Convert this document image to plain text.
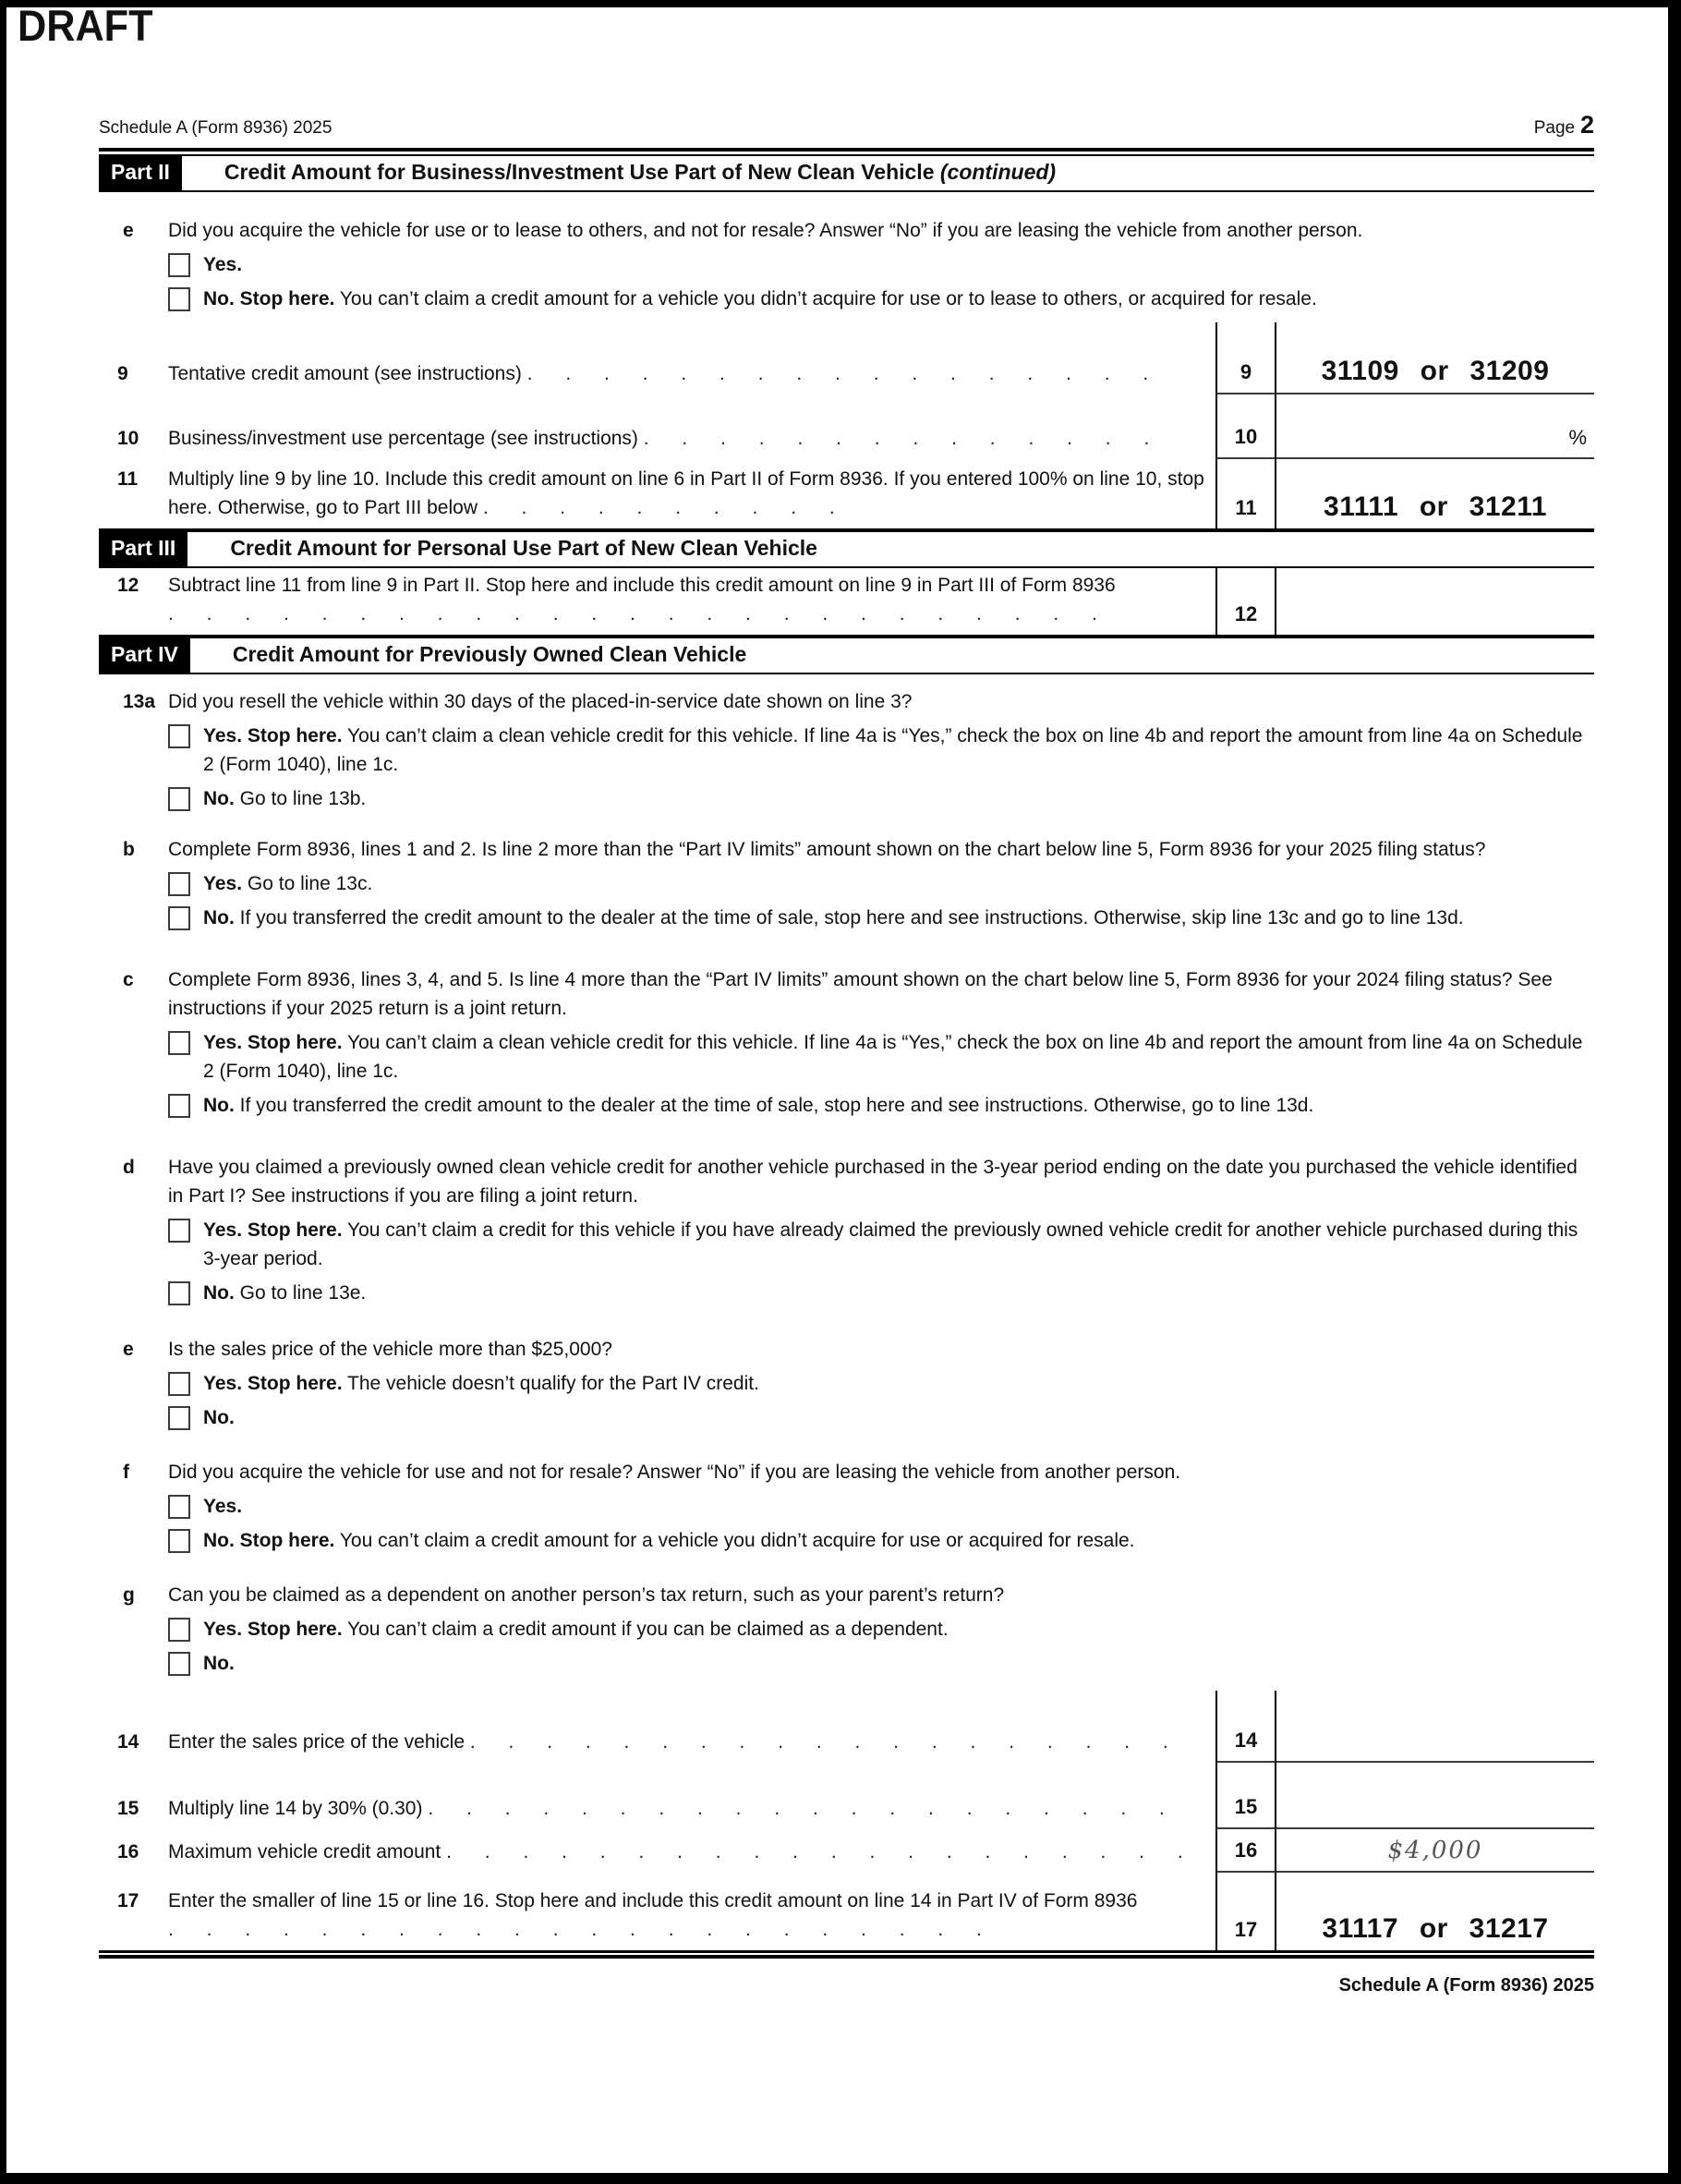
DRAFT
Schedule A (Form 8936) 2025	Page 2
Part II	Credit Amount for Business/Investment Use Part of New Clean Vehicle (continued)
e	Did you acquire the vehicle for use or to lease to others, and not for resale? Answer “No” if you are leasing the vehicle from another person.
Yes.
No. Stop here. You can’t claim a credit amount for a vehicle you didn’t acquire for use or to lease to others, or acquired for resale.
9	Tentative credit amount (see instructions) . . . . . . . . . . . . . . . . .	9	31109 or 31209
10	Business/investment use percentage (see instructions) . . . . . . . . . . . . . .	10	%
11	Multiply line 9 by line 10. Include this credit amount on line 6 in Part II of Form 8936. If you entered 100% on line 10, stop here. Otherwise, go to Part III below . . . . . . . . . .	11	31111 or 31211
Part III	Credit Amount for Personal Use Part of New Clean Vehicle
12	Subtract line 11 from line 9 in Part II. Stop here and include this credit amount on line 9 in Part III of Form 8936 . . . . . . . . . . . . . . . . . . . . . . . . .	12
Part IV	Credit Amount for Previously Owned Clean Vehicle
13a Did you resell the vehicle within 30 days of the placed-in-service date shown on line 3?
Yes. Stop here. You can’t claim a clean vehicle credit for this vehicle. If line 4a is “Yes,” check the box on line 4b and report the amount from line 4a on Schedule 2 (Form 1040), line 1c.
No. Go to line 13b.
b	Complete Form 8936, lines 1 and 2. Is line 2 more than the “Part IV limits” amount shown on the chart below line 5, Form 8936 for your 2025 filing status?
Yes. Go to line 13c.
No. If you transferred the credit amount to the dealer at the time of sale, stop here and see instructions. Otherwise, skip line 13c and go to line 13d.
c	Complete Form 8936, lines 3, 4, and 5. Is line 4 more than the “Part IV limits” amount shown on the chart below line 5, Form 8936 for your 2024 filing status? See instructions if your 2025 return is a joint return.
Yes. Stop here. You can’t claim a clean vehicle credit for this vehicle. If line 4a is “Yes,” check the box on line 4b and report the amount from line 4a on Schedule 2 (Form 1040), line 1c.
No. If you transferred the credit amount to the dealer at the time of sale, stop here and see instructions. Otherwise, go to line 13d.
d	Have you claimed a previously owned clean vehicle credit for another vehicle purchased in the 3-year period ending on the date you purchased the vehicle identified in Part I? See instructions if you are filing a joint return.
Yes. Stop here. You can’t claim a credit for this vehicle if you have already claimed the previously owned vehicle credit for another vehicle purchased during this 3-year period.
No. Go to line 13e.
e	Is the sales price of the vehicle more than $25,000?
Yes. Stop here. The vehicle doesn’t qualify for the Part IV credit.
No.
f	Did you acquire the vehicle for use and not for resale? Answer “No” if you are leasing the vehicle from another person.
Yes.
No. Stop here. You can’t claim a credit amount for a vehicle you didn’t acquire for use or acquired for resale.
g	Can you be claimed as a dependent on another person’s tax return, such as your parent’s return?
Yes. Stop here. You can’t claim a credit amount if you can be claimed as a dependent.
No.
14	Enter the sales price of the vehicle . . . . . . . . . . . . . . . . . . .	14
15	Multiply line 14 by 30% (0.30) . . . . . . . . . . . . . . . . . . . .	15
16	Maximum vehicle credit amount . . . . . . . . . . . . . . . . . . . .	16	$4,000
17	Enter the smaller of line 15 or line 16. Stop here and include this credit amount on line 14 in Part IV of Form 8936 . . . . . . . . . . . . . . . . . . . . . .	17	31117 or 31217
Schedule A (Form 8936) 2025
